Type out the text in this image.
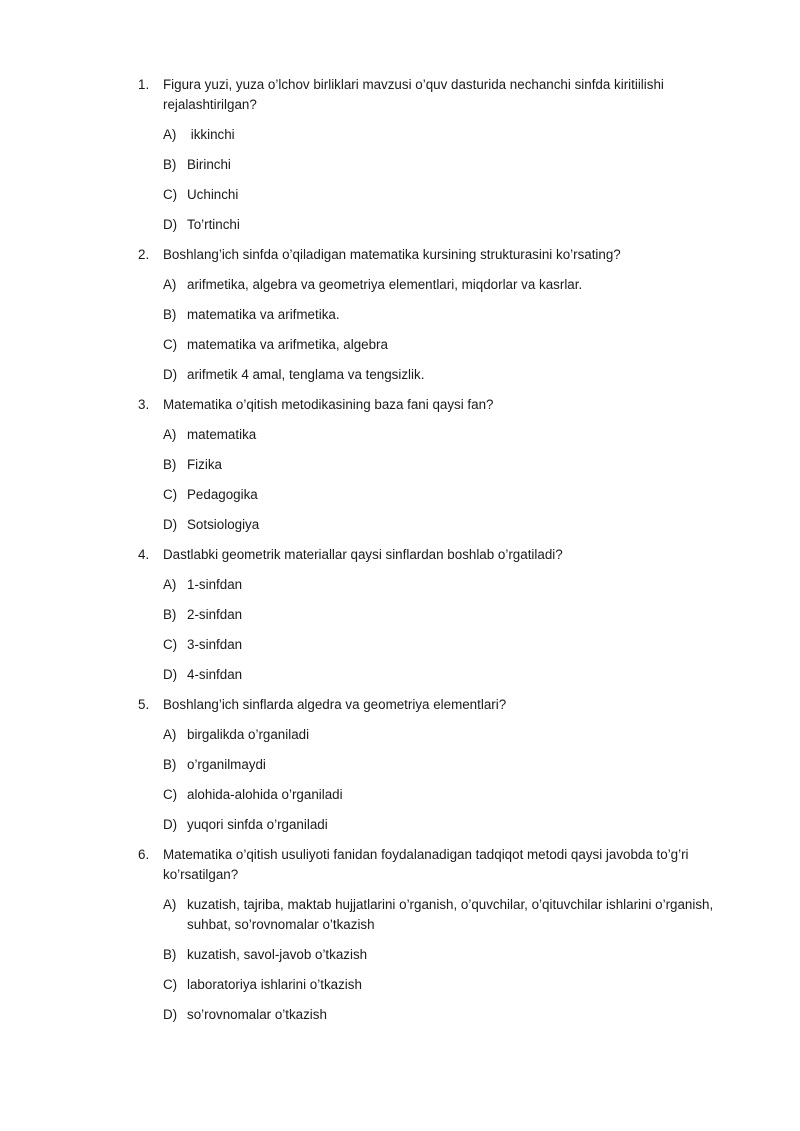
1.	Figura yuzi, yuza o’lchov birliklari mavzusi o’quv dasturida nechanchi sinfda kiritiilishi rejalashtirilgan?
A) ikkinchi
B) Birinchi
C) Uchinchi
D) To’rtinchi
2.	Boshlang’ich sinfda o’qiladigan matematika kursining strukturasini ko’rsating?
A) arifmetika, algebra va geometriya elementlari, miqdorlar va kasrlar.
B) matematika va arifmetika.
C) matematika va arifmetika, algebra
D) arifmetik 4 amal, tenglama va tengsizlik.
3.	Matematika o’qitish metodikasining baza fani qaysi fan?
A) matematika
B) Fizika
C) Pedagogika
D) Sotsiologiya
4.	Dastlabki geometrik materiallar qaysi sinflardan boshlab o’rgatiladi?
A) 1-sinfdan
B) 2-sinfdan
C) 3-sinfdan
D) 4-sinfdan
5.	Boshlang’ich sinflarda algedra va geometriya elementlari?
A) birgalikda o’rganiladi
B) o’rganilmaydi
C) alohida-alohida o’rganiladi
D) yuqori sinfda o’rganiladi
6.	Matematika o’qitish usuliyoti fanidan foydalanadigan tadqiqot metodi qaysi javobda to’g’ri ko’rsatilgan?
A) kuzatish, tajriba, maktab hujjatlarini o’rganish, o’quvchilar, o’qituvchilar ishlarini o’rganish, suhbat, so’rovnomalar o’tkazish
B) kuzatish, savol-javob o’tkazish
C) laboratoriya ishlarini o’tkazish
D) so’rovnomalar o’tkazish
